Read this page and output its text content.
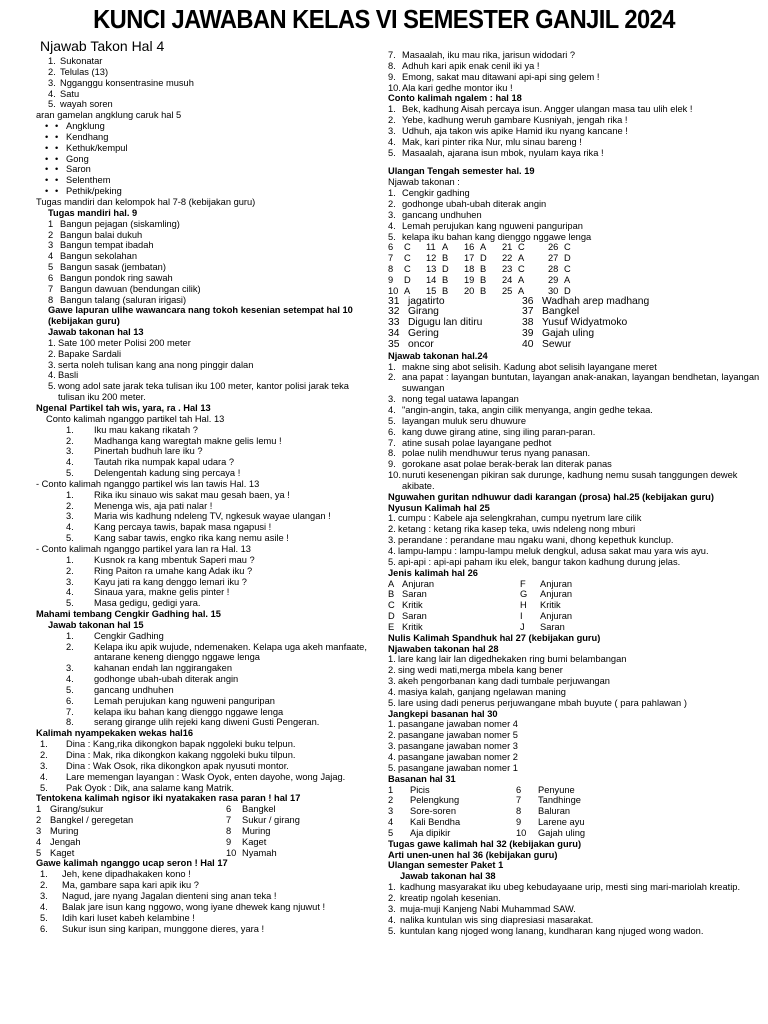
KUNCI JAWABAN KELAS VI SEMESTER GANJIL 2024
Njawab Takon Hal 4
1. Sukonatar
2. Telulas (13)
3. Ngganggu konsentrasine musuh
4. Satu
5. wayah soren
aran gamelan angklung caruk hal 5
• • Angklung
• • Kendhang
• • Kethuk/kempul
• • Gong
• • Saron
• • Selenthem
• • Pethik/peking
Tugas mandiri dan kelompok hal 7-8 (kebijakan guru)
Tugas mandiri hal. 9
1 Bangun pejagan (siskamling)
2 Bangun balai dukuh
3 Bangun tempat ibadah
4 Bangun sekolahan
5 Bangun sasak (jembatan)
6 Bangun pondok ring sawah
7 Bangun dawuan (bendungan cilik)
8 Bangun talang (saluran irigasi)
Gawe lapuran ulihe wawancara nang tokoh kesenian setempat hal 10 (kebijakan guru)
Jawab takonan hal 13
1. Sate 100 meter Polisi 200 meter
2. Bapake Sardali
3. serta noleh tulisan kang ana nong pinggir dalan
4. Basli
5. wong adol sate jarak teka tulisan iku 100 meter, kantor polisi jarak teka tulisan iku 200 meter.
Ngenal Partikel tah wis, yara, ra . Hal 13
Conto kalimah nganggo partikel tah Hal. 13
1.	Iku mau kakang rikatah ?
2.	Madhanga kang waregtah makne gelis lemu !
3.	Pinertah budhuh lare iku ?
4.	Tautah rika numpak kapal udara ?
5.	Delengentah kadung sing percaya !
- Conto kalimah nganggo partikel wis lan tawis Hal. 13
1.	Rika iku sinauo wis sakat mau gesah baen, ya !
2.	Menenga wis, aja pati nalar !
3.	Maria wis kadhung ndeleng TV, ngkesuk wayae ulangan !
4.	Kang percaya tawis, bapak masa ngapusi !
5.	Kang sabar tawis, engko rika kang nemu asile !
- Conto kalimah nganggo partikel yara lan ra Hal. 13
1.	Kusnok ra kang mbentuk Saperi mau ?
2.	Ring Paiton ra umahe kang Adak iku ?
3.	Kayu jati ra kang denggo lemari iku ?
4.	Sinaua yara, makne gelis pinter !
5.	Masa gedigu, gedigi yara.
Mahami tembang Cengkir Gadhing hal. 15
Jawab takonan hal 15
1.	Cengkir Gadhing
2.	Kelapa iku apik wujude, ndemenaken. Kelapa uga akeh manfaate, antarane keneng dienggo nggawe lenga
3.	kahanan endah lan nggirangaken
4.	godhonge ubah-ubah diterak angin
5.	gancang undhuhen
6.	Lemah perujukan kang nguweni panguripan
7.	kelapa iku bahan kang dienggo nggawe lenga
8.	serang girange ulih rejeki kang diweni Gusti Pengeran.
Kalimah nyampekaken wekas hal16
1.	Dina : Kang,rika dikongkon bapak nggoleki buku telpun.
2.	Dina : Mak, rika dikongkon kakang nggoleki buku tilpun.
3.	Dina : Wak Osok, rika dikongkon apak nyusuti montor.
4.	Lare memengan layangan : Wask Oyok, enten dayohe, wong Jajag.
5.	Pak Oyok : Dik, ana salame kang Matrik.
Tentokena kalimah ngisor iki nyatakaken rasa paran ! hal 17
1 Girang/sukur	6	Bangkel
2 Bangkel / geregetan	7	Sukur / girang
3 Muring	8	Muring
4 Jengah	9	Kaget
5 Kaget	10 Nyamah
Gawe kalimah nganggo ucap seron ! Hal 17
1.	Jeh, kene dipadhakaken kono !
2.	Ma, gambare sapa kari apik iku ?
3.	Nagud, jare nyang Jagalan dienteni sing anan teka !
4.	Balak jare isun kang nggowo, wong iyane dhewek kang njuwut !
5.	Idih kari luset kabeh kelambine !
6.	Sukur isun sing karipan, munggone dieres, yara !
7. Masaalah, iku mau rika, jarisun widodari ?
8. Adhuh kari apik enak cenil iki ya !
9. Emong, sakat mau ditawani api-api sing gelem !
10. Ala kari gedhe montor iku !
Conto kalimah ngalem : hal 18
1. Bek, kadhung Aisah percaya isun. Angger ulangan masa tau ulih elek !
2. Yebe, kadhung weruh gambare Kusniyah, jengah rika !
3. Udhuh, aja takon wis apike Hamid iku nyang kancane !
4. Mak, kari pinter rika Nur, mlu sinau bareng !
5. Masaalah, ajarana isun mbok, nyulam kaya rika !
Ulangan Tengah semester hal. 19
Njawab takonan :
1. Cengkir gadhing
2. godhonge ubah-ubah diterak angin
3. gancang undhuhen
4. Lemah perujukan kang nguweni panguripan
5. kelapa iku bahan kang dienggo nggawe lenga
6	C	11 A	16 A	21 C	26 C
7	C	12 B	17 D	22 A	27 D
8	C	13 D	18 B	23 C	28 C
9	D	14 B	19 B	24 A	29 A
10 A	15 B	20 B	25 A	30 D
31 jagatirto	36 Wadhah arep madhang
32 Girang	37 Bangkel
33 Digugu lan ditiru	38 Yusuf Widyatmoko
34 Gering	39 Gajah uling
35 oncor	40 Sewur
Njawab takonan hal.24
1. makne sing abot selisih. Kadung abot selisih layangane meret
2. ana papat : layangan buntutan, layangan anak-anakan, layangan bendhetan, layangan suwangan
3. nong tegal uatawa lapangan
4. "angin-angin, taka, angin cilik menyanga, angin gedhe tekaa.
5. layangan muluk seru dhuwure
6. kang duwe girang atine, sing iling paran-paran.
7. atine susah polae layangane pedhot
8. polae nulih mendhuwur terus nyang panasan.
9. gorokane asat polae berak-berak lan diterak panas
10. nuruti kesenengan pikiran sak durunge, kadhung nemu susah tanggungen dewek akibate.
Nguwahen guritan ndhuwur dadi karangan (prosa) hal.25 (kebijakan guru)
Nyusun Kalimah hal 25
1. cumpu : Kabele aja selengkrahan, cumpu nyetrum lare cilik
2. ketang : ketang rika kasep teka, uwis ndeleng nong mburi
3. perandane : perandane mau ngaku wani, dhong kepethuk kunclup.
4. lampu-lampu : lampu-lampu meluk dengkul, adusa sakat mau yara wis ayu.
5. api-api : api-api paham iku elek, bangur takon kadhung durung jelas.
Jenis kalimah hal 26
A Anjuran	F	Anjuran
B Saran	G	Anjuran
C Kritik	H	Kritik
D Saran	I	Anjuran
E Kritik	J	Saran
Nulis Kalimah Spandhuk hal 27 (kebijakan guru)
Njawaben takonan hal 28
1. lare kang lair lan digedhekaken ring bumi belambangan
2. sing wedi mati,merga mbela kang bener
3. akeh pengorbanan kang dadi tumbale perjuwangan
4. masiya kalah, ganjang ngelawan maning
5. lare using dadi penerus perjuwangane mbah buyute ( para pahlawan )
Jangkepi basanan hal 30
1. pasangane jawaban nomer 4
2. pasangane jawaban nomer 5
3. pasangane jawaban nomer 3
4. pasangane jawaban nomer 2
5. pasangane jawaban nomer 1
Basanan hal 31
1	Picis	6	Penyune
2	Pelengkung	7	Tandhinge
3	Sore-soren	8	Baluran
4	Kali Bendha	9	Larene ayu
5	Aja dipikir	10	Gajah uling
Tugas gawe kalimah hal 32 (kebijakan guru)
Arti unen-unen hal 36 (kebijakan guru)
Ulangan semester Paket 1
Jawab takonan hal 38
1. kadhung masyarakat iku ubeg kebudayaane urip, mesti sing mari-mariolah kreatip.
2. kreatip ngolah kesenian.
3. muja-muji Kanjeng Nabi Muhammad SAW.
4. nalika kuntulan wis sing diapresiasi masarakat.
5. kuntulan kang njoged wong lanang, kundharan kang njuged wong wadon.
